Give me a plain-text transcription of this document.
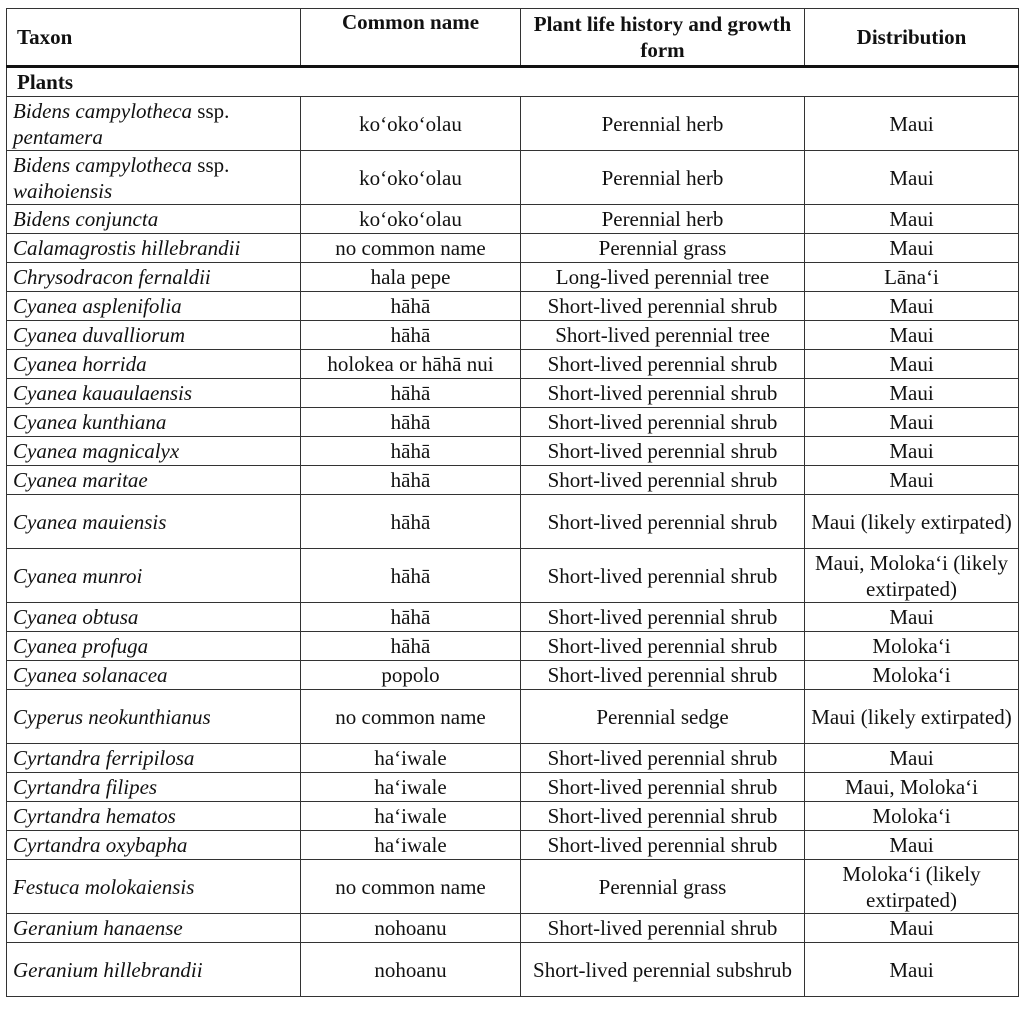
Taxon	Common name	Plant life history and growth form	Distribution
Plants			
Bidens campylotheca ssp. pentamera	koʻokoʻolau	Perennial herb	Maui
Bidens campylotheca ssp. waihoiensis	koʻokoʻolau	Perennial herb	Maui
Bidens conjuncta	koʻokoʻolau	Perennial herb	Maui
Calamagrostis hillebrandii	no common name	Perennial grass	Maui
Chrysodracon fernaldii	hala pepe	Long-lived perennial tree	Lānaʻi
Cyanea asplenifolia	hāhā	Short-lived perennial shrub	Maui
Cyanea duvalliorum	hāhā	Short-lived perennial tree	Maui
Cyanea horrida	holokea or hāhā nui	Short-lived perennial shrub	Maui
Cyanea kauaulaensis	hāhā	Short-lived perennial shrub	Maui
Cyanea kunthiana	hāhā	Short-lived perennial shrub	Maui
Cyanea magnicalyx	hāhā	Short-lived perennial shrub	Maui
Cyanea maritae	hāhā	Short-lived perennial shrub	Maui
Cyanea mauiensis	hāhā	Short-lived perennial shrub	Maui (likely extirpated)
Cyanea munroi	hāhā	Short-lived perennial shrub	Maui, Molokaʻi (likely extirpated)
Cyanea obtusa	hāhā	Short-lived perennial shrub	Maui
Cyanea profuga	hāhā	Short-lived perennial shrub	Molokaʻi
Cyanea solanacea	popolo	Short-lived perennial shrub	Molokaʻi
Cyperus neokunthianus	no common name	Perennial sedge	Maui (likely extirpated)
Cyrtandra ferripilosa	haʻiwale	Short-lived perennial shrub	Maui
Cyrtandra filipes	haʻiwale	Short-lived perennial shrub	Maui, Molokaʻi
Cyrtandra hematos	haʻiwale	Short-lived perennial shrub	Molokaʻi
Cyrtandra oxybapha	haʻiwale	Short-lived perennial shrub	Maui
Festuca molokaiensis	no common name	Perennial grass	Molokaʻi (likely extirpated)
Geranium hanaense	nohoanu	Short-lived perennial shrub	Maui
Geranium hillebrandii	nohoanu	Short-lived perennial subshrub	Maui
